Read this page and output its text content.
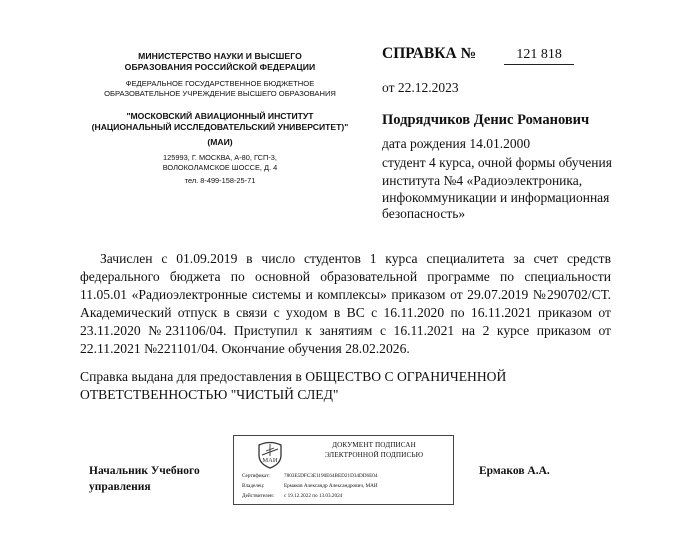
МИНИСТЕРСТВО НАУКИ И ВЫСШЕГО
ОБРАЗОВАНИЯ РОССИЙСКОЙ ФЕДЕРАЦИИ
ФЕДЕРАЛЬНОЕ ГОСУДАРСТВЕННОЕ БЮДЖЕТНОЕ
ОБРАЗОВАТЕЛЬНОЕ УЧРЕЖДЕНИЕ ВЫСШЕГО ОБРАЗОВАНИЯ
"МОСКОВСКИЙ АВИАЦИОННЫЙ ИНСТИТУТ
(НАЦИОНАЛЬНЫЙ ИССЛЕДОВАТЕЛЬСКИЙ УНИВЕРСИТЕТ)"
(МАИ)
125993, Г. МОСКВА, А-80, ГСП-3,
ВОЛОКОЛАМСКОЕ ШОССЕ, Д. 4
тел. 8-499-158-25-71
СПРАВКА №	121 818
от 22.12.2023
Подрядчиков Денис Романович

дата рождения 14.01.2000

студент 4 курса, очной формы обучения

института №4 «Радиоэлектроника, инфокоммуникации и информационная безопасность»

Зачислен с 01.09.2019 в число студентов 1 курса специалитета за счет средств федерального бюджета по основной образовательной программе по специальности 11.05.01 «Радиоэлектронные системы и комплексы» приказом от 29.07.2019 №290702/СТ. Академический отпуск в связи с уходом в ВС с 16.11.2020 по 16.11.2021 приказом от 23.11.2020 №231106/04. Приступил к занятиям с 16.11.2021 на 2 курсе приказом от 22.11.2021 №221101/04. Окончание обучения 28.02.2026.

Справка выдана для предоставления в ОБЩЕСТВО С ОГРАНИЧЕННОЙ ОТВЕТСТВЕННОСТЬЮ "ЧИСТЫЙ СЛЕД"

Начальник Учебного управления
МАИ
ДОКУМЕНТ ПОДПИСАН
ЭЛЕКТРОННОЙ ПОДПИСЬЮ
Сертификат:	7803E5DFC3E1190E64BED21D34DD6E04
Владелец:	Ермаков Александр Александрович, МАИ
Действителен: с 19.12.2022 по 13.03.2024
Ермаков А.А.
